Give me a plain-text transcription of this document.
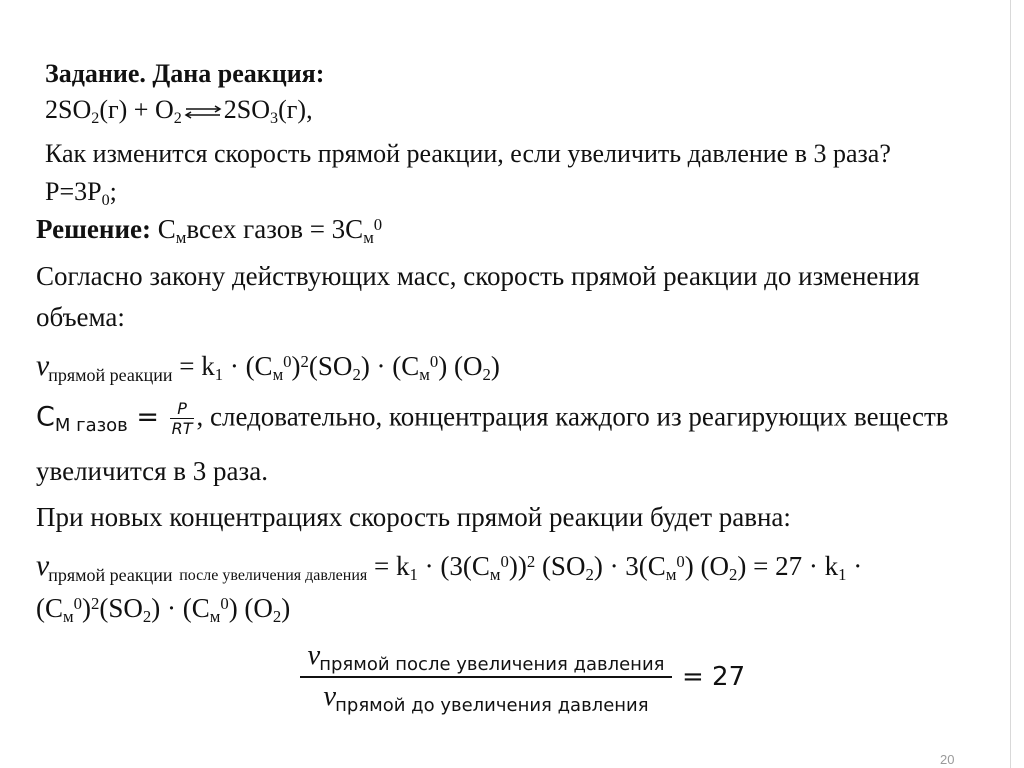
Задание. Дана реакция:
$2SO_2(г) + O_2$ ⇌ $2SO_3(г)$,
Как изменится скорость прямой реакции, если увеличить давление в 3 раза?
$P=3P_0$;
Решение: $С_мвсех$ газов = $3С_м^0$
Согласно закону действующих масс, скорость прямой реакции до изменения
объема:
$v_{прямой реакции} = k_1 \cdot (С_м^0)^2(SO_2) \cdot (С_м^0)$ $(O_2)$
$С_{М газов} = \frac{P}{RT}$ , следовательно, концентрация каждого из реагирующих веществ
увеличится в 3 раза.
При новых концентрациях скорость прямой реакции будет равна:
$v_{прямой реакции}$ $_{после увеличения давления} = k_1 \cdot (3(С_м^0))^2$ $(SO_2) \cdot 3(С_м^0) (O_2) = 27 \cdot k_1$ ·
$(С_м^0)^2(SO_2) \cdot (С_м^0)$ $(O_2)$
$v_{прямой после увеличения давления}$
$v_{прямой до увеличения давления}$
= 27
20
